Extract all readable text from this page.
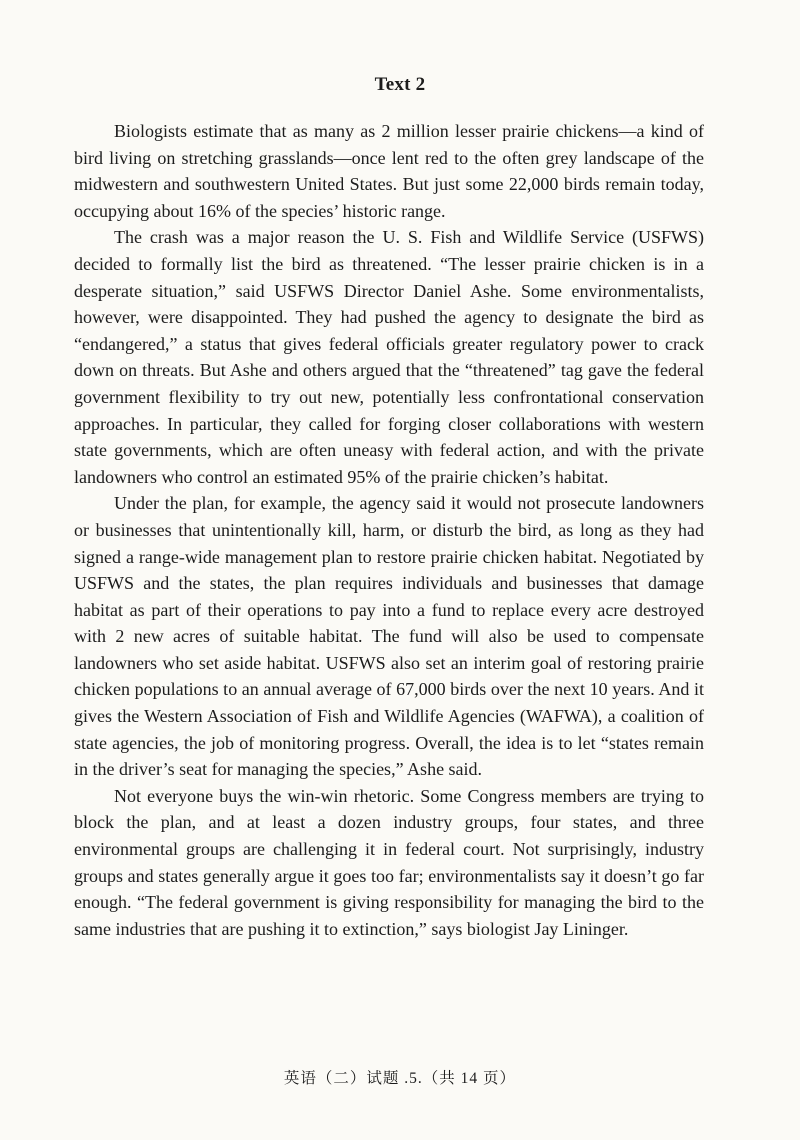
Text 2

Biologists estimate that as many as 2 million lesser prairie chickens—a kind of bird living on stretching grasslands—once lent red to the often grey landscape of the midwestern and southwestern United States. But just some 22,000 birds remain today, occupying about 16% of the species’ historic range.

The crash was a major reason the U. S. Fish and Wildlife Service (USFWS) decided to formally list the bird as threatened. “The lesser prairie chicken is in a desperate situation,” said USFWS Director Daniel Ashe. Some environmentalists, however, were disappointed. They had pushed the agency to designate the bird as “endangered,” a status that gives federal officials greater regulatory power to crack down on threats. But Ashe and others argued that the “threatened” tag gave the federal government flexibility to try out new, potentially less confrontational conservation approaches. In particular, they called for forging closer collaborations with western state governments, which are often uneasy with federal action, and with the private landowners who control an estimated 95% of the prairie chicken’s habitat.

Under the plan, for example, the agency said it would not prosecute landowners or businesses that unintentionally kill, harm, or disturb the bird, as long as they had signed a range-wide management plan to restore prairie chicken habitat. Negotiated by USFWS and the states, the plan requires individuals and businesses that damage habitat as part of their operations to pay into a fund to replace every acre destroyed with 2 new acres of suitable habitat. The fund will also be used to compensate landowners who set aside habitat. USFWS also set an interim goal of restoring prairie chicken populations to an annual average of 67,000 birds over the next 10 years. And it gives the Western Association of Fish and Wildlife Agencies (WAFWA), a coalition of state agencies, the job of monitoring progress. Overall, the idea is to let “states remain in the driver’s seat for managing the species,” Ashe said.

Not everyone buys the win-win rhetoric. Some Congress members are trying to block the plan, and at least a dozen industry groups, four states, and three environmental groups are challenging it in federal court. Not surprisingly, industry groups and states generally argue it goes too far; environmentalists say it doesn’t go far enough. “The federal government is giving responsibility for managing the bird to the same industries that are pushing it to extinction,” says biologist Jay Lininger.

英语（二）试题 .5.（共 14 页）
